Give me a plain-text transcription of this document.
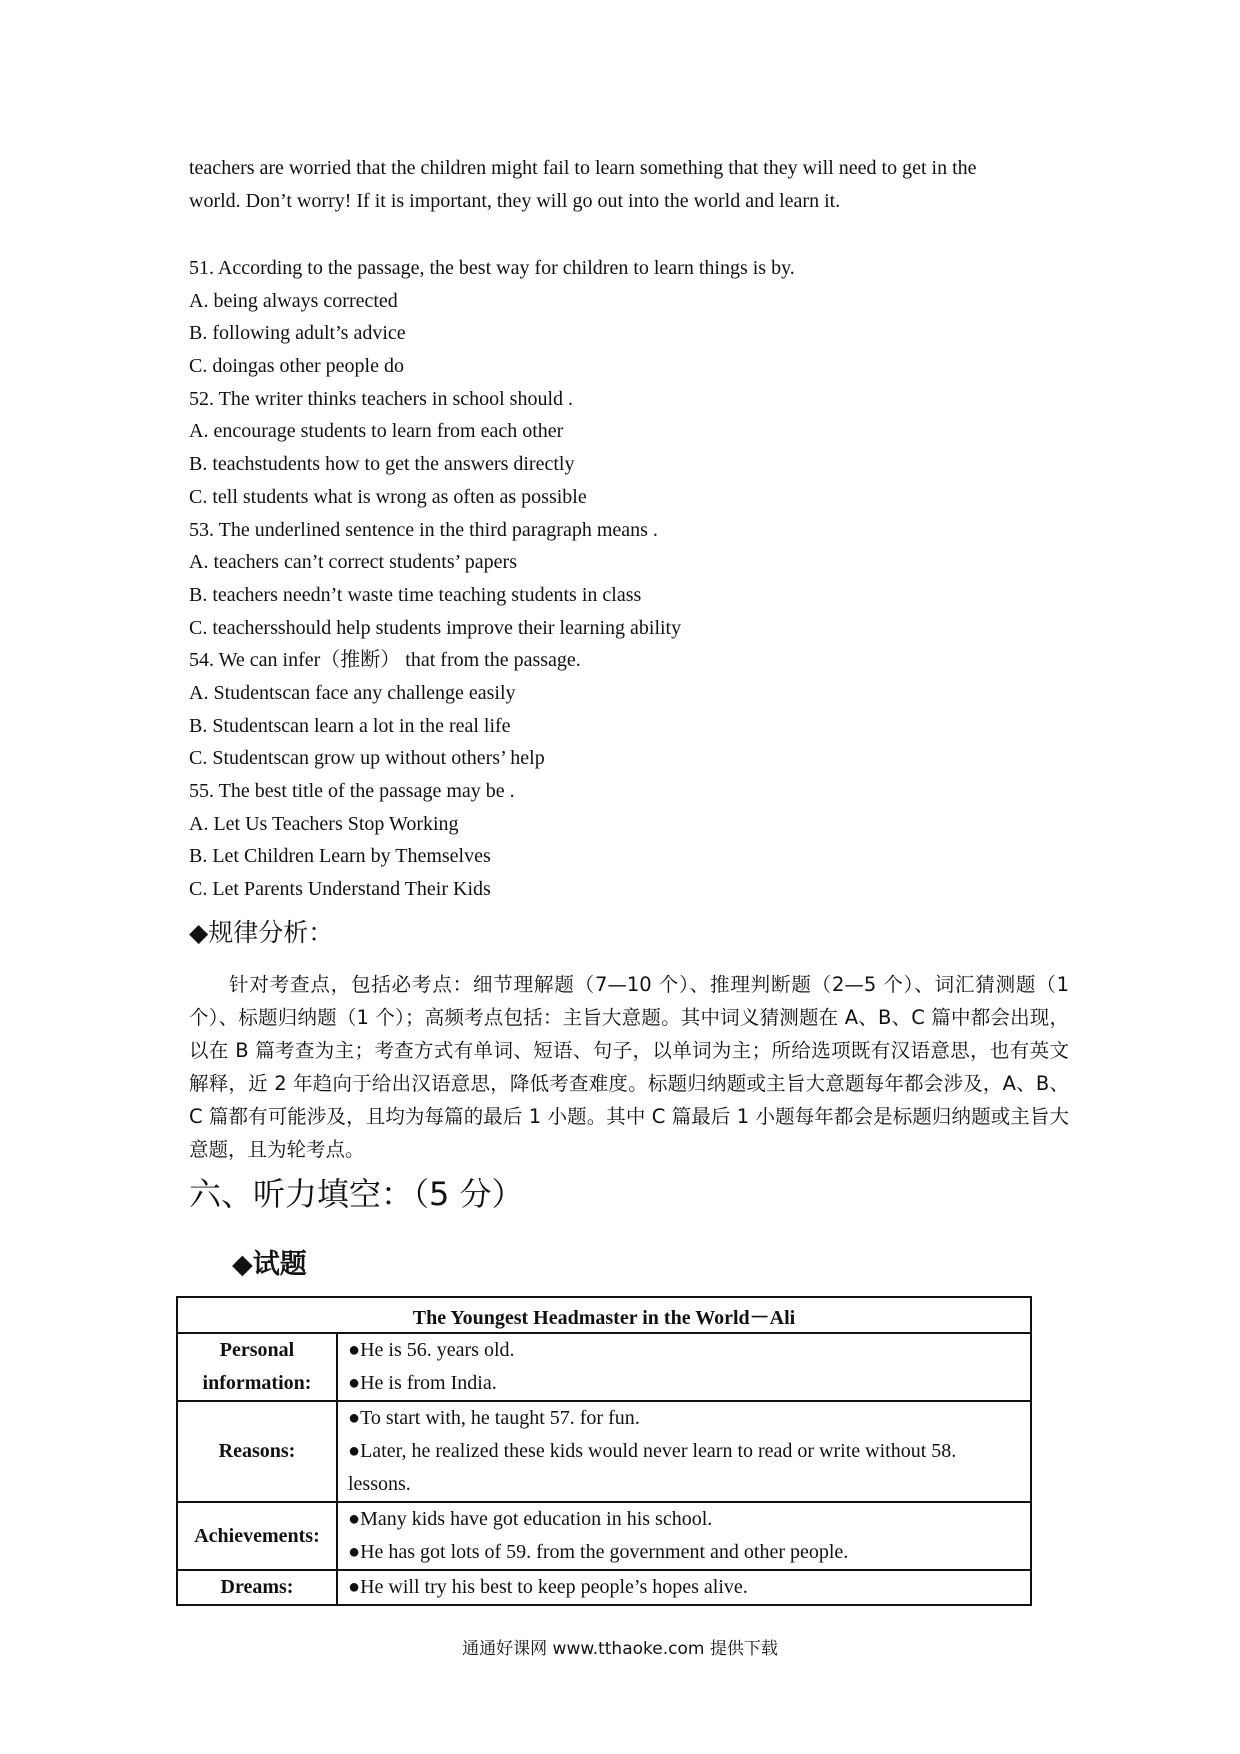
teachers are worried that the children might fail to learn something that they will need to get in the

world. Don’t worry! If it is important, they will go out into the world and learn it.

51. According to the passage, the best way for children to learn things is by.
A. being always corrected
B. following adult’s advice
C. doingas other people do
52. The writer thinks teachers in school should .
A. encourage students to learn from each other
B. teachstudents how to get the answers directly
C. tell students what is wrong as often as possible
53. The underlined sentence in the third paragraph means .
A. teachers can’t correct students’ papers
B. teachers needn’t waste time teaching students in class
C. teachersshould help students improve their learning ability
54. We can infer（推断） that from the passage.
A. Studentscan face any challenge easily
B. Studentscan learn a lot in the real life
C. Studentscan grow up without others’ help
55. The best title of the passage may be .
A. Let Us Teachers Stop Working
B. Let Children Learn by Themselves
C. Let Parents Understand Their Kids
◆规律分析：

针对考查点，包括必考点：细节理解题（7—10 个）、推理判断题（2—5 个）、词汇猜测题（1 个）、标题归纳题（1 个）；高频考点包括：主旨大意题。其中词义猜测题在 A、B、C 篇中都会出现，以在 B 篇考查为主；考查方式有单词、短语、句子，以单词为主；所给选项既有汉语意思，也有英文解释，近 2 年趋向于给出汉语意思，降低考查难度。标题归纳题或主旨大意题每年都会涉及，A、B、C 篇都有可能涉及，且均为每篇的最后 1 小题。其中 C 篇最后 1 小题每年都会是标题归纳题或主旨大意题，且为轮考点。

六、听力填空：（5 分）
◆试题
The Youngest Headmaster in the World－Ali	
Personal information:	●He is 56. years old.
●He is from India.

Reasons:	●To start with, he taught 57. for fun.
●Later, he realized these kids would never learn to read or write without 58. lessons.

Achievements:	●Many kids have got education in his school.
●He has got lots of 59. from the government and other people.

Dreams:	●He will try his best to keep people’s hopes alive.
通通好课网 www.tthaoke.com 提供下载
